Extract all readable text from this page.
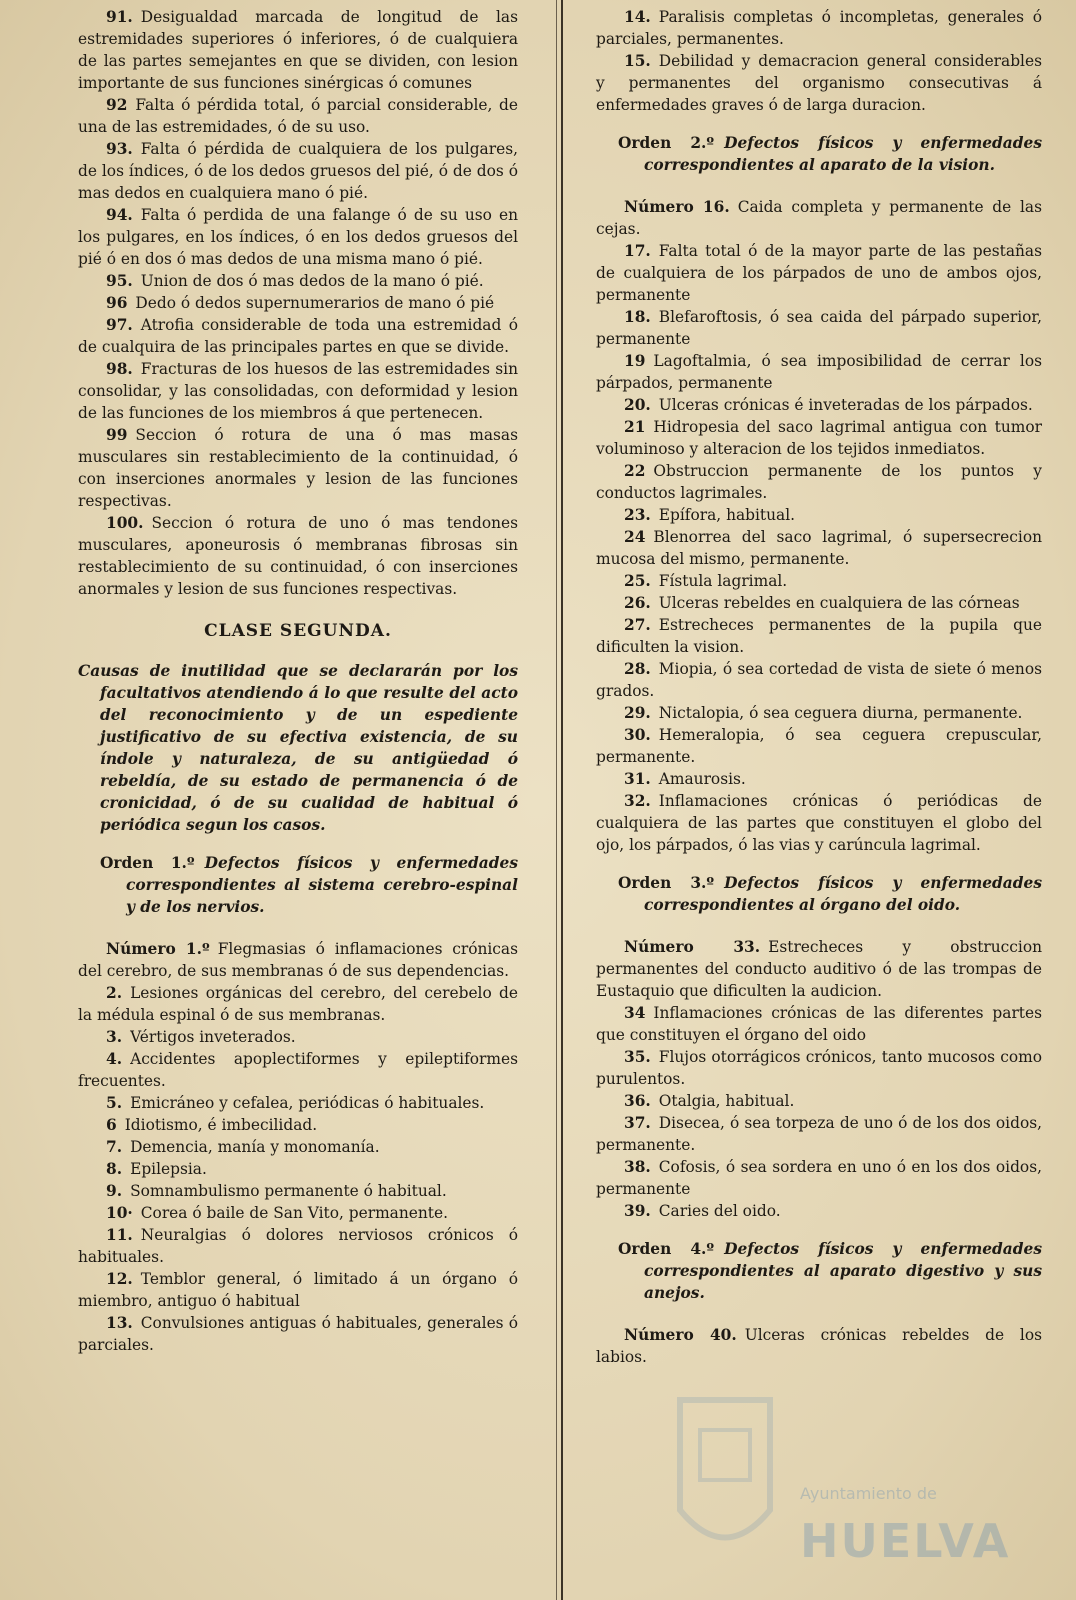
91. Desigualdad marcada de longitud de las estremidades superiores ó inferiores, ó de cualquiera de las partes semejantes en que se dividen, con lesion importante de sus funciones sinérgicas ó comunes

92 Falta ó pérdida total, ó parcial considerable, de una de las estremidades, ó de su uso.

93. Falta ó pérdida de cualquiera de los pulgares, de los índices, ó de los dedos gruesos del pié, ó de dos ó mas dedos en cualquiera mano ó pié.

94. Falta ó perdida de una falange ó de su uso en los pulgares, en los índices, ó en los dedos gruesos del pié ó en dos ó mas dedos de una misma mano ó pié.

95. Union de dos ó mas dedos de la mano ó pié.

96 Dedo ó dedos supernumerarios de mano ó pié

97. Atrofia considerable de toda una estremidad ó de cualquira de las principales partes en que se divide.

98. Fracturas de los huesos de las estremidades sin consolidar, y las consolidadas, con deformidad y lesion de las funciones de los miembros á que pertenecen.

99 Seccion ó rotura de una ó mas masas musculares sin restablecimiento de la continuidad, ó con inserciones anormales y lesion de las funciones respectivas.

100. Seccion ó rotura de uno ó mas tendones musculares, aponeurosis ó membranas fibrosas sin restablecimiento de su continuidad, ó con inserciones anormales y lesion de sus funciones respectivas.

CLASE SEGUNDA.

Causas de inutilidad que se declararán por los facultativos atendiendo á lo que resulte del acto del reconocimiento y de un espediente justificativo de su efectiva existencia, de su índole y naturaleza, de su antigüedad ó rebeldía, de su estado de permanencia ó de cronicidad, ó de su cualidad de habitual ó periódica segun los casos.

Orden 1.º Defectos físicos y enfermedades correspondientes al sistema cerebro-espinal y de los nervios.

Número 1.º Flegmasias ó inflamaciones crónicas del cerebro, de sus membranas ó de sus dependencias.

2. Lesiones orgánicas del cerebro, del cerebelo de la médula espinal ó de sus membranas.

3. Vértigos inveterados.

4. Accidentes apoplectiformes y epileptiformes frecuentes.

5. Emicráneo y cefalea, periódicas ó habituales.

6 Idiotismo, é imbecilidad.

7. Demencia, manía y monomanía.

8. Epilepsia.

9. Somnambulismo permanente ó habitual.

10· Corea ó baile de San Vito, permanente.

11. Neuralgias ó dolores nerviosos crónicos ó habituales.

12. Temblor general, ó limitado á un órgano ó miembro, antiguo ó habitual

13. Convulsiones antiguas ó habituales, generales ó parciales.

14. Paralisis completas ó incompletas, generales ó parciales, permanentes.

15. Debilidad y demacracion general considerables y permanentes del organismo consecutivas á enfermedades graves ó de larga duracion.

Orden 2.º Defectos físicos y enfermedades correspondientes al aparato de la vision.

Número 16. Caida completa y permanente de las cejas.

17. Falta total ó de la mayor parte de las pestañas de cualquiera de los párpados de uno de ambos ojos, permanente

18. Blefaroftosis, ó sea caida del párpado superior, permanente

19 Lagoftalmia, ó sea imposibilidad de cerrar los párpados, permanente

20. Ulceras crónicas é inveteradas de los párpados.

21 Hidropesia del saco lagrimal antigua con tumor voluminoso y alteracion de los tejidos inmediatos.

22 Obstruccion permanente de los puntos y conductos lagrimales.

23. Epífora, habitual.

24 Blenorrea del saco lagrimal, ó supersecrecion mucosa del mismo, permanente.

25. Fístula lagrimal.

26. Ulceras rebeldes en cualquiera de las córneas

27. Estrecheces permanentes de la pupila que dificulten la vision.

28. Miopia, ó sea cortedad de vista de siete ó menos grados.

29. Nictalopia, ó sea ceguera diurna, permanente.

30. Hemeralopia, ó sea ceguera crepuscular, permanente.

31. Amaurosis.

32. Inflamaciones crónicas ó periódicas de cualquiera de las partes que constituyen el globo del ojo, los párpados, ó las vias y carúncula lagrimal.

Orden 3.º Defectos físicos y enfermedades correspondientes al órgano del oido.

Número 33. Estrecheces y obstruccion permanentes del conducto auditivo ó de las trompas de Eustaquio que dificulten la audicion.

34 Inflamaciones crónicas de las diferentes partes que constituyen el órgano del oido

35. Flujos otorrágicos crónicos, tanto mucosos como purulentos.

36. Otalgia, habitual.

37. Disecea, ó sea torpeza de uno ó de los dos oidos, permanente.

38. Cofosis, ó sea sordera en uno ó en los dos oidos, permanente

39. Caries del oido.

Orden 4.º Defectos físicos y enfermedades correspondientes al aparato digestivo y sus anejos.

Número 40. Ulceras crónicas rebeldes de los labios.

Ayuntamiento de
HUELVA
